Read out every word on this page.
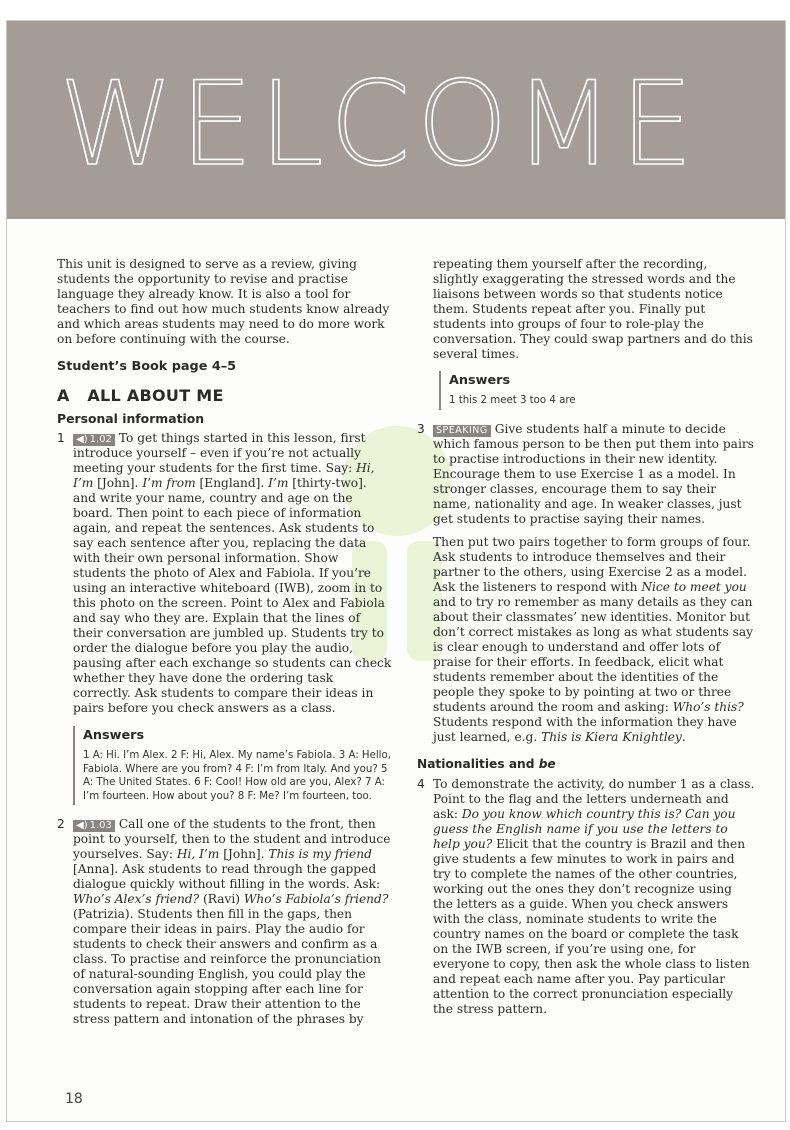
WELCOME

This unit is designed to serve as a review, giving students the opportunity to revise and practise language they already know. It is also a tool for teachers to find out how much students know already and which areas students may need to do more work on before continuing with the course.

Student’s Book page 4–5
A ALL ABOUT ME
Personal information
1 ◀) 1.02 To get things started in this lesson, first introduce yourself – even if you’re not actually meeting your students for the first time. Say: Hi, I’m [John]. I’m from [England]. I’m [thirty-two]. and write your name, country and age on the board. Then point to each piece of information again, and repeat the sentences. Ask students to say each sentence after you, replacing the data with their own personal information. Show students the photo of Alex and Fabiola. If you’re using an interactive whiteboard (IWB), zoom in to this photo on the screen. Point to Alex and Fabiola and say who they are. Explain that the lines of their conversation are jumbled up. Students try to order the dialogue before you play the audio, pausing after each exchange so students can check whether they have done the ordering task correctly. Ask students to compare their ideas in pairs before you check answers as a class.
Answers
1 A: Hi. I’m Alex. 2 F: Hi, Alex. My name’s Fabiola. 3 A: Hello, Fabiola. Where are you from? 4 F: I’m from Italy. And you? 5 A: The United States. 6 F: Cool! How old are you, Alex? 7 A: I’m fourteen. How about you? 8 F: Me? I’m fourteen, too.
2 ◀) 1.03 Call one of the students to the front, then point to yourself, then to the student and introduce yourselves. Say: Hi, I’m [John]. This is my friend [Anna]. Ask students to read through the gapped dialogue quickly without filling in the words. Ask: Who’s Alex’s friend? (Ravi) Who’s Fabiola’s friend? (Patrizia). Students then fill in the gaps, then compare their ideas in pairs. Play the audio for students to check their answers and confirm as a class. To practise and reinforce the pronunciation of natural-sounding English, you could play the conversation again stopping after each line for students to repeat. Draw their attention to the stress pattern and intonation of the phrases by

repeating them yourself after the recording, slightly exaggerating the stressed words and the liaisons between words so that students notice them. Students repeat after you. Finally put students into groups of four to role-play the conversation. They could swap partners and do this several times.

Answers
1 this 2 meet 3 too 4 are
3 SPEAKING Give students half a minute to decide which famous person to be then put them into pairs to practise introductions in their new identity. Encourage them to use Exercise 1 as a model. In stronger classes, encourage them to say their name, nationality and age. In weaker classes, just get students to practise saying their names.

Then put two pairs together to form groups of four. Ask students to introduce themselves and their partner to the others, using Exercise 2 as a model. Ask the listeners to respond with Nice to meet you and to try ro remember as many details as they can about their classmates’ new identities. Monitor but don’t correct mistakes as long as what students say is clear enough to understand and offer lots of praise for their efforts. In feedback, elicit what students remember about the identities of the people they spoke to by pointing at two or three students around the room and asking: Who’s this? Students respond with the information they have just learned, e.g. This is Kiera Knightley.

Nationalities and be
4 To demonstrate the activity, do number 1 as a class. Point to the flag and the letters underneath and ask: Do you know which country this is? Can you guess the English name if you use the letters to help you? Elicit that the country is Brazil and then give students a few minutes to work in pairs and try to complete the names of the other countries, working out the ones they don’t recognize using the letters as a guide. When you check answers with the class, nominate students to write the country names on the board or complete the task on the IWB screen, if you’re using one, for everyone to copy, then ask the whole class to listen and repeat each name after you. Pay particular attention to the correct pronunciation especially the stress pattern.
18
